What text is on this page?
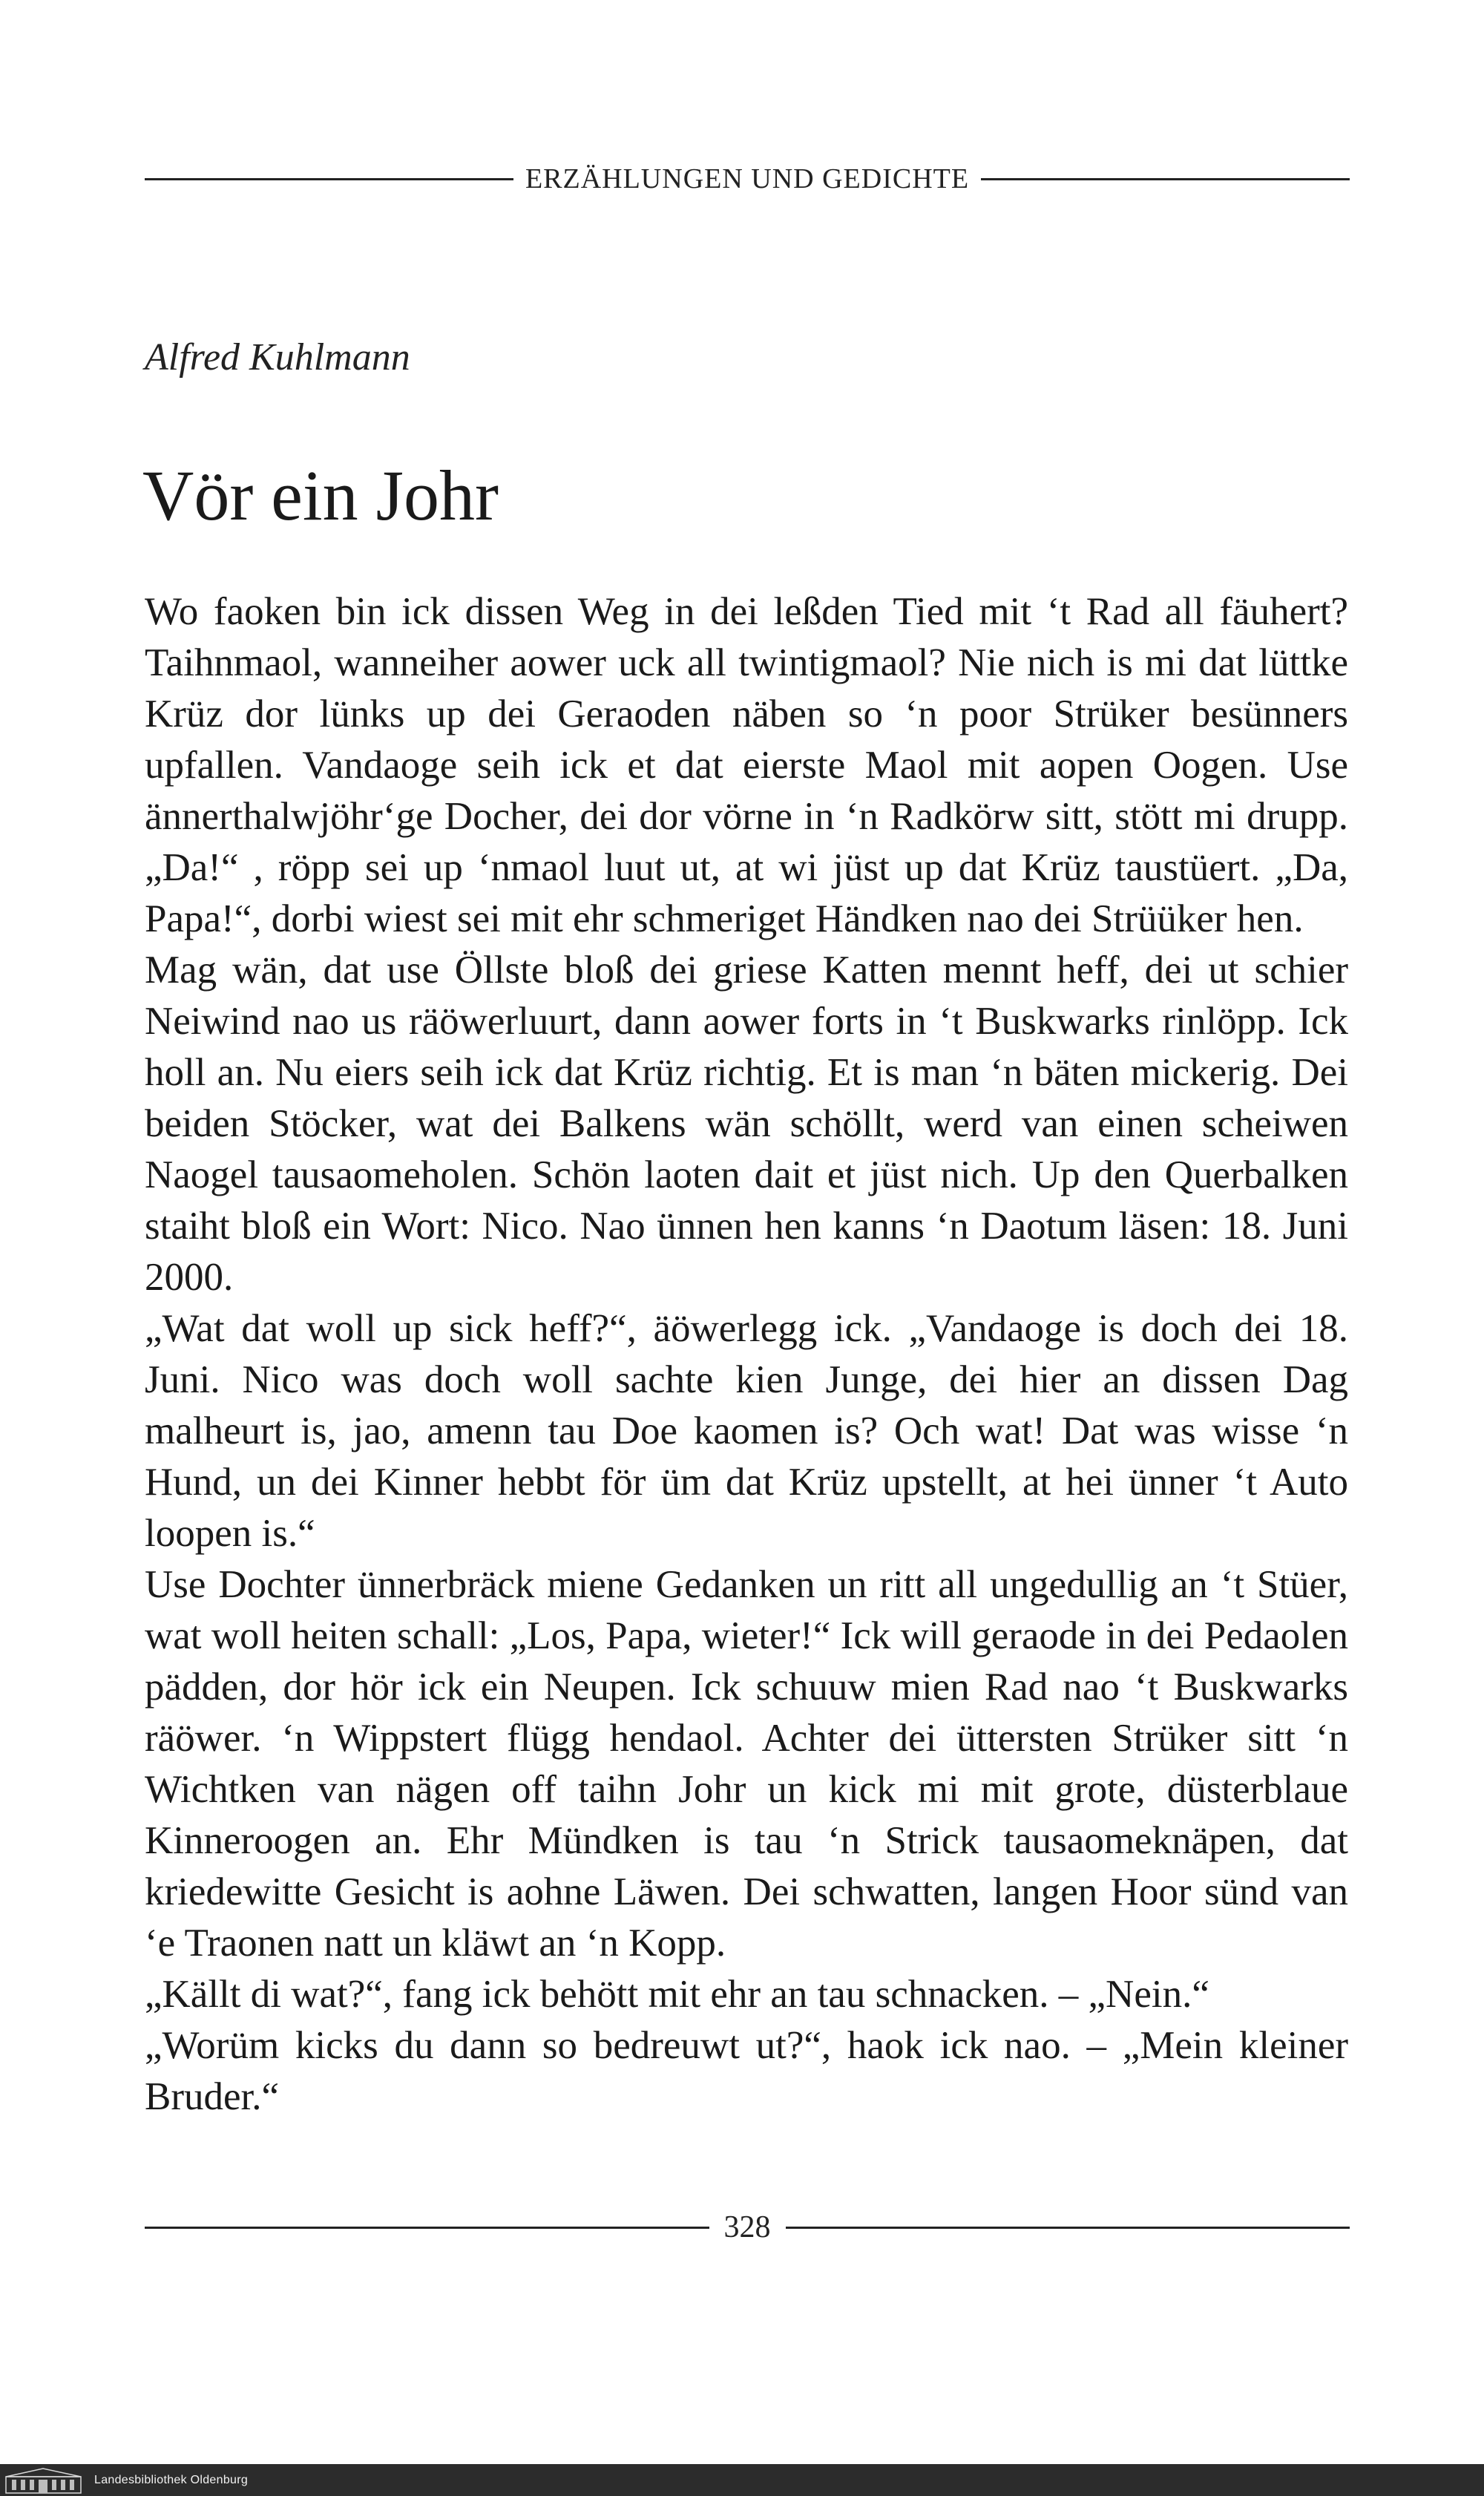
ERZÄHLUNGEN UND GEDICHTE
Alfred Kuhlmann
Vör ein Johr

Wo faoken bin ick dissen Weg in dei leßden Tied mit ‘t Rad all fäuhert? Taihnmaol, wanneiher aower uck all twintigmaol? Nie nich is mi dat lüttke Krüz dor lünks up dei Geraoden näben so ‘n poor Strüker besünners upfallen. Vandaoge seih ick et dat eierste Maol mit aopen Oogen. Use ännerthalwjöhr‘ge Docher, dei dor vörne in ‘n Radkörw sitt, stött mi drupp. „Da!“ , röpp sei up ‘nmaol luut ut, at wi jüst up dat Krüz taustüert. „Da, Papa!“, dorbi wiest sei mit ehr schmeriget Händken nao dei Strüüker hen.

Mag wän, dat use Öllste bloß dei griese Katten mennt heff, dei ut schier Neiwind nao us räöwerluurt, dann aower forts in ‘t Buskwarks rinlöpp. Ick holl an. Nu eiers seih ick dat Krüz richtig. Et is man ‘n bäten mickerig. Dei beiden Stöcker, wat dei Balkens wän schöllt, werd van einen scheiwen Naogel tausaomeholen. Schön laoten dait et jüst nich. Up den Querbalken staiht bloß ein Wort: Nico. Nao ünnen hen kanns ‘n Daotum läsen: 18. Juni 2000.

„Wat dat woll up sick heff?“, äöwerlegg ick. „Vandaoge is doch dei 18. Juni. Nico was doch woll sachte kien Junge, dei hier an dissen Dag malheurt is, jao, amenn tau Doe kaomen is? Och wat! Dat was wisse ‘n Hund, un dei Kinner hebbt för üm dat Krüz upstellt, at hei ünner ‘t Auto loopen is.“

Use Dochter ünnerbräck miene Gedanken un ritt all ungedullig an ‘t Stüer, wat woll heiten schall: „Los, Papa, wieter!“ Ick will geraode in dei Pedaolen pädden, dor hör ick ein Neupen. Ick schuuw mien Rad nao ‘t Buskwarks räöwer. ‘n Wippstert flügg hendaol. Achter dei üttersten Strüker sitt ‘n Wichtken van nägen off taihn Johr un kick mi mit grote, düsterblaue Kinneroogen an. Ehr Mündken is tau ‘n Strick tausaomeknäpen, dat kriedewitte Gesicht is aohne Läwen. Dei schwatten, langen Hoor sünd van ‘e Traonen natt un kläwt an ‘n Kopp.

„Källt di wat?“, fang ick behött mit ehr an tau schnacken. – „Nein.“

„Worüm kicks du dann so bedreuwt ut?“, haok ick nao. – „Mein kleiner Bruder.“

328
Landesbibliothek Oldenburg
